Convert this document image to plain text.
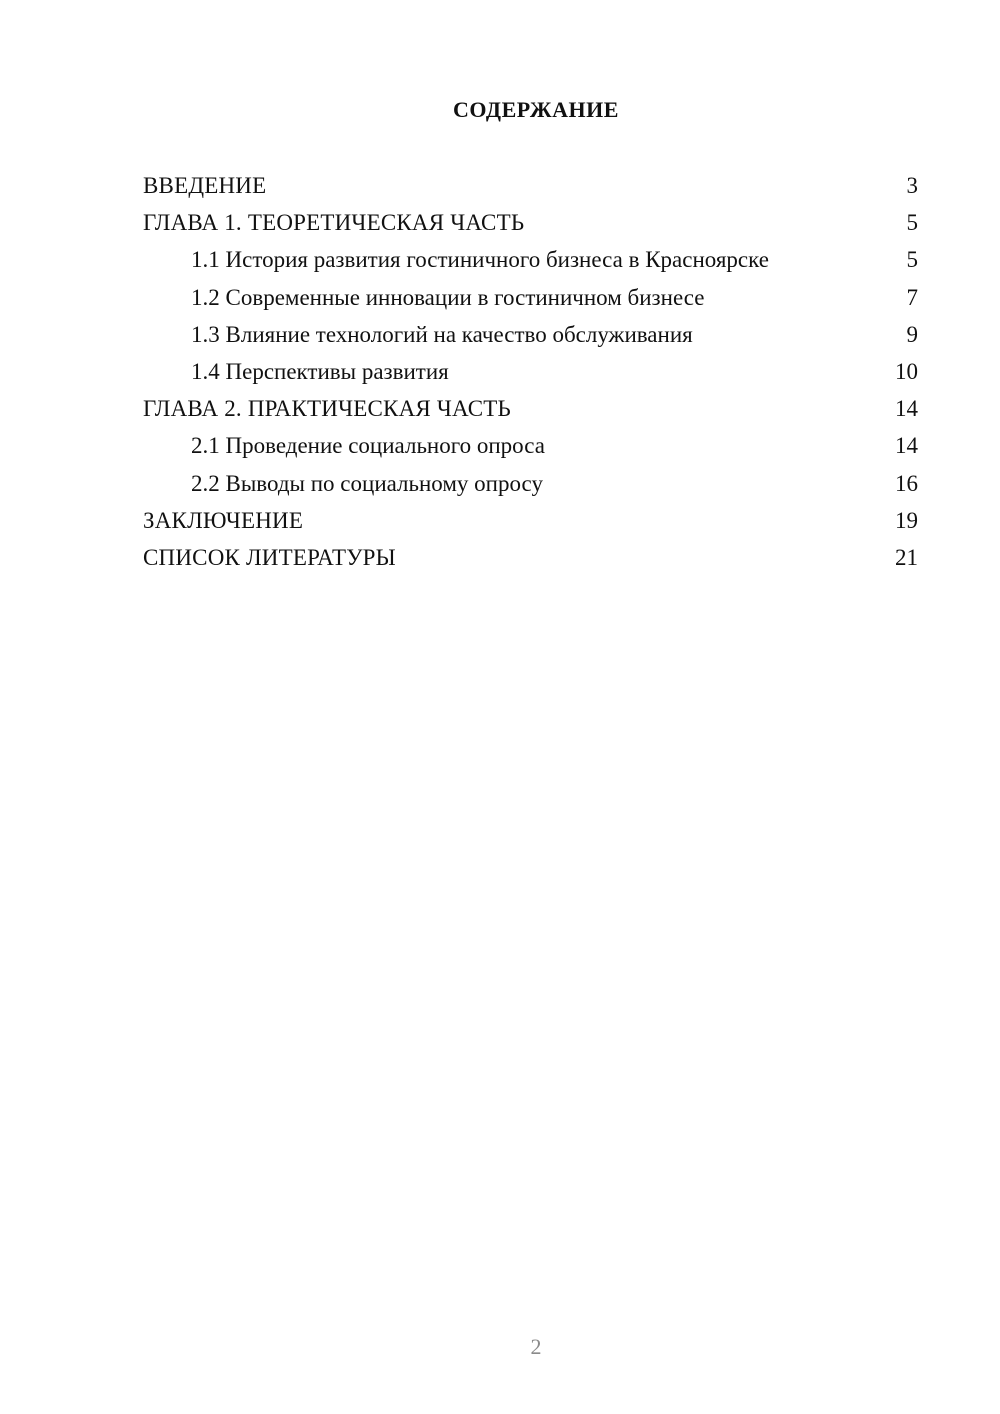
СОДЕРЖАНИЕ
ВВЕДЕНИЕ	3
ГЛАВА 1. ТЕОРЕТИЧЕСКАЯ ЧАСТЬ	5
1.1 История развития гостиничного бизнеса в Красноярске	5
1.2 Современные инновации в гостиничном бизнесе	7
1.3 Влияние технологий на качество обслуживания	9
1.4 Перспективы развития	10
ГЛАВА 2. ПРАКТИЧЕСКАЯ ЧАСТЬ	14
2.1 Проведение социального опроса	14
2.2 Выводы по социальному опросу	16
ЗАКЛЮЧЕНИЕ	19
СПИСОК ЛИТЕРАТУРЫ	21
2
